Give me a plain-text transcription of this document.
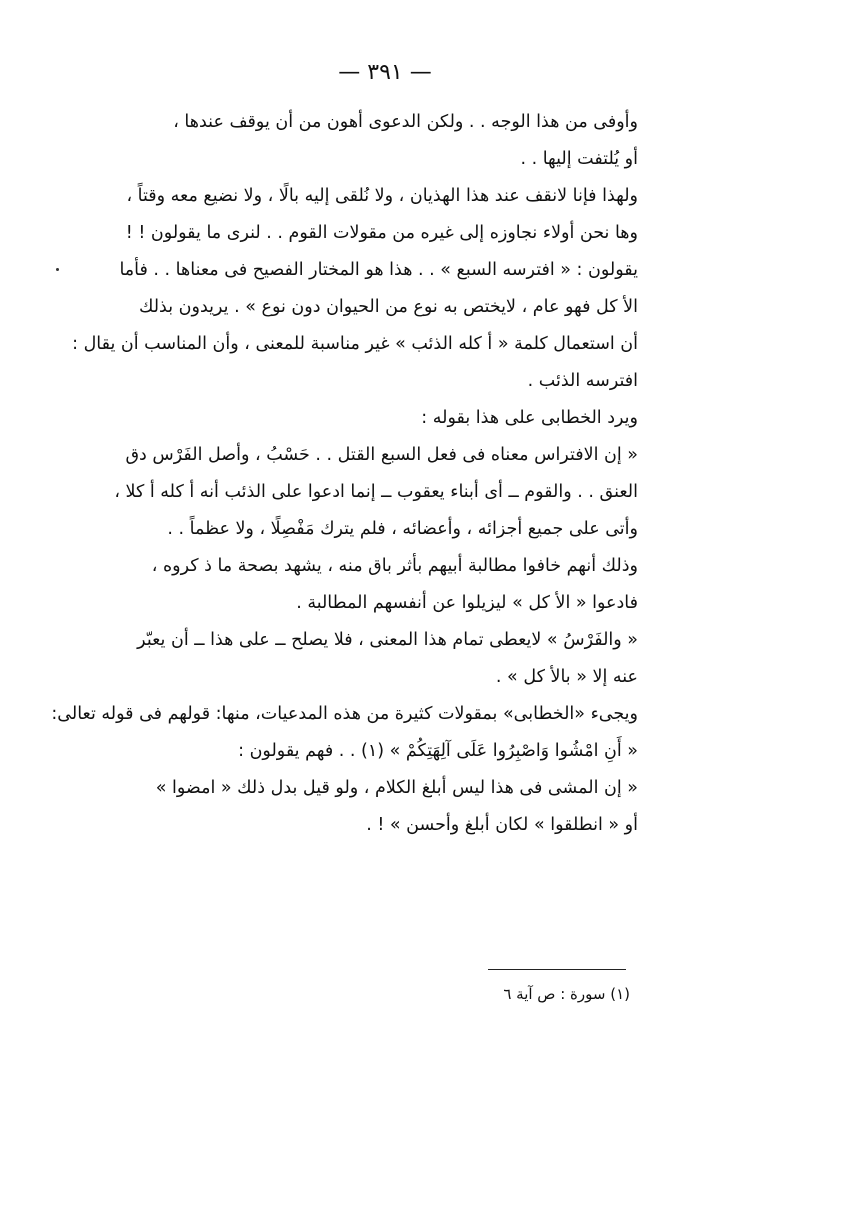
— ٣٩١ —
وأوفى من هذا الوجه . . ولكن الدعوى أهون من أن يوقف عندها ،
أو يُلتفت إليها . .
ولهذا فإنا لانقف عند هذا الهذيان ، ولا نُلقى إليه بالًا ، ولا نضيع معه وقتاً ،
وها نحن أولاء نجاوزه إلى غيره من مقولات القوم . . لنرى ما يقولون ! !
يقولون : « افترسه السبع » . . هذا هو المختار الفصيح فى معناها . . فأما
الأ كل فهو عام ، لايختص به نوع من الحيوان دون نوع » . يريدون بذلك
أن استعمال كلمة « أ كله الذئب » غير مناسبة للمعنى ، وأن المناسب أن يقال :
افترسه الذئب .
ويرد الخطابى على هذا بقوله :
« إن الافتراس معناه فى فعل السبع القتل . . حَسْبُ ، وأصل الفَرْس دق
العنق . . والقوم ــ أى أبناء يعقوب ــ إنما ادعوا على الذئب أنه أ كله أ كلا ،
وأتى على جميع أجزائه ، وأعضائه ، فلم يترك مَفْصِلًا ، ولا عظماً . .
وذلك أنهم خافوا مطالبة أبيهم بأثر باق منه ، يشهد بصحة ما ذ كروه ،
فادعوا « الأ كل » ليزيلوا عن أنفسهم المطالبة .
« والفَرْسُ » لايعطى تمام هذا المعنى ، فلا يصلح ــ على هذا ــ أن يعبّر
عنه إلا « بالأ كل » .
ويجىء «الخطابى» بمقولات كثيرة من هذه المدعيات، منها: قولهم فى قوله تعالى:
« أَنِ امْشُوا وَاصْبِرُوا عَلَى آلِهَتِكُمْ » (١) . . فهم يقولون :
« إن المشى فى هذا ليس أبلغ الكلام ، ولو قيل بدل ذلك « امضوا »
أو « انطلقوا » لكان أبلغ وأحسن » ! .
(١) سورة : ص آية ٦
